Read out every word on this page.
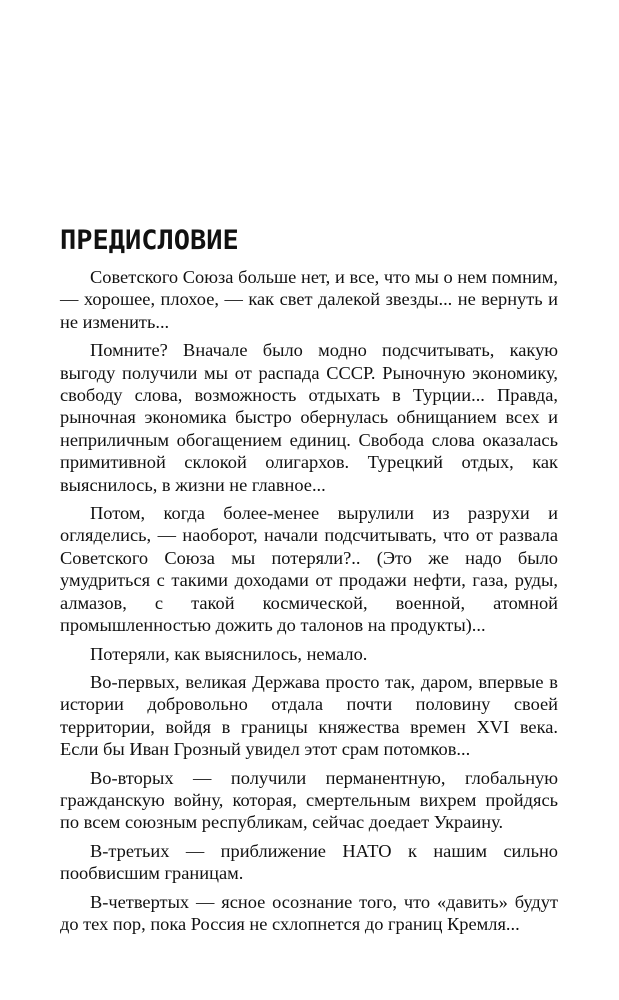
ПРЕДИСЛОВИЕ

Советского Союза больше нет, и все, что мы о нем помним, — хорошее, плохое, — как свет далекой звезды... не вернуть и не изменить...

Помните? Вначале было модно подсчитывать, какую выгоду получили мы от распада СССР. Рыночную экономику, свободу слова, возможность отдыхать в Турции... Правда, рыночная экономика быстро обернулась обнищанием всех и неприличным обогащением единиц. Свобода слова оказалась примитивной склокой олигархов. Турецкий отдых, как выяснилось, в жизни не главное...

Потом, когда более-менее вырулили из разрухи и огляделись, — наоборот, начали подсчитывать, что от развала Советского Союза мы потеряли?.. (Это же надо было умудриться с такими доходами от продажи нефти, газа, руды, алмазов, с такой космической, военной, атомной промышленностью дожить до талонов на продукты)...

Потеряли, как выяснилось, немало.

Во-первых, великая Держава просто так, даром, впервые в истории добровольно отдала почти половину своей территории, войдя в границы княжества времен XVI века. Если бы Иван Грозный увидел этот срам потомков...

Во-вторых — получили перманентную, глобальную гражданскую войну, которая, смертельным вихрем пройдясь по всем союзным республикам, сейчас доедает Украину.

В-третьих — приближение НАТО к нашим сильно пообвисшим границам.

В-четвертых — ясное осознание того, что «давить» будут до тех пор, пока Россия не схлопнется до границ Кремля...
